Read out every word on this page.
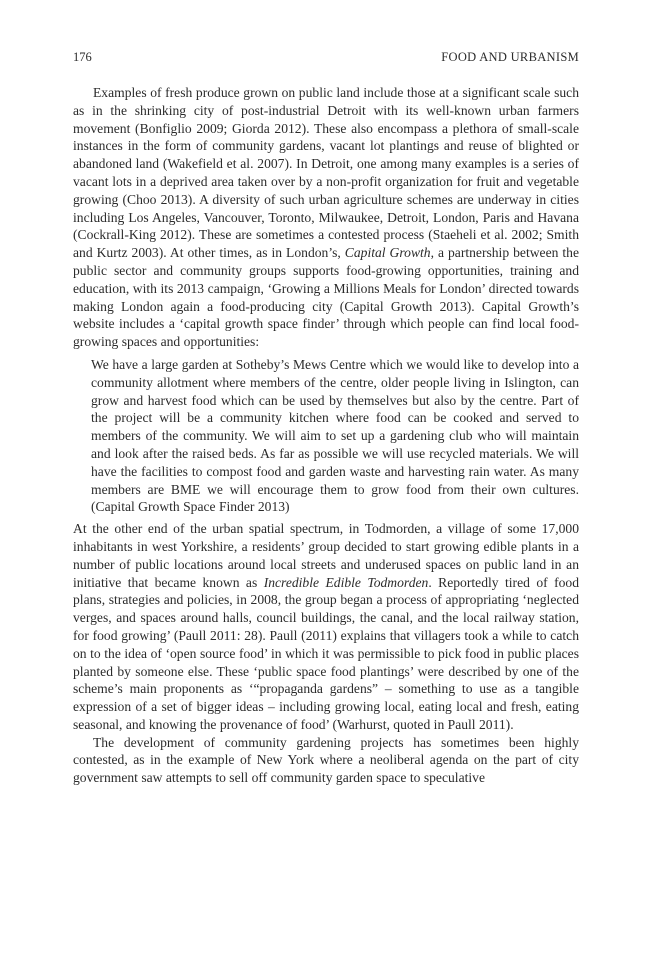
176	FOOD AND URBANISM

Examples of fresh produce grown on public land include those at a significant scale such as in the shrinking city of post-industrial Detroit with its well-known urban farmers movement (Bonfiglio 2009; Giorda 2012). These also encompass a plethora of small-scale instances in the form of community gardens, vacant lot plantings and reuse of blighted or abandoned land (Wakefield et al. 2007). In Detroit, one among many examples is a series of vacant lots in a deprived area taken over by a non-profit organization for fruit and vegetable growing (Choo 2013). A diversity of such urban agriculture schemes are underway in cities including Los Angeles, Vancouver, Toronto, Milwaukee, Detroit, London, Paris and Havana (Cockrall-King 2012). These are sometimes a contested process (Staeheli et al. 2002; Smith and Kurtz 2003). At other times, as in London’s, Capital Growth, a partnership between the public sector and community groups supports food-growing opportunities, training and education, with its 2013 campaign, ‘Growing a Millions Meals for London’ directed towards making London again a food-producing city (Capital Growth 2013). Capital Growth’s website includes a ‘capital growth space finder’ through which people can find local food-growing spaces and opportunities:

We have a large garden at Sotheby’s Mews Centre which we would like to develop into a community allotment where members of the centre, older people living in Islington, can grow and harvest food which can be used by themselves but also by the centre. Part of the project will be a community kitchen where food can be cooked and served to members of the community. We will aim to set up a gardening club who will maintain and look after the raised beds. As far as possible we will use recycled materials. We will have the facilities to compost food and garden waste and harvesting rain water. As many members are BME we will encourage them to grow food from their own cultures. (Capital Growth Space Finder 2013)

At the other end of the urban spatial spectrum, in Todmorden, a village of some 17,000 inhabitants in west Yorkshire, a residents’ group decided to start growing edible plants in a number of public locations around local streets and underused spaces on public land in an initiative that became known as Incredible Edible Todmorden. Reportedly tired of food plans, strategies and policies, in 2008, the group began a process of appropriating ‘neglected verges, and spaces around halls, council buildings, the canal, and the local railway station, for food growing’ (Paull 2011: 28). Paull (2011) explains that villagers took a while to catch on to the idea of ‘open source food’ in which it was permissible to pick food in public places planted by someone else. These ‘public space food plantings’ were described by one of the scheme’s main proponents as ‘“propaganda gardens” – something to use as a tangible expression of a set of bigger ideas – including growing local, eating local and fresh, eating seasonal, and knowing the provenance of food’ (Warhurst, quoted in Paull 2011).

The development of community gardening projects has sometimes been highly contested, as in the example of New York where a neoliberal agenda on the part of city government saw attempts to sell off community garden space to speculative
